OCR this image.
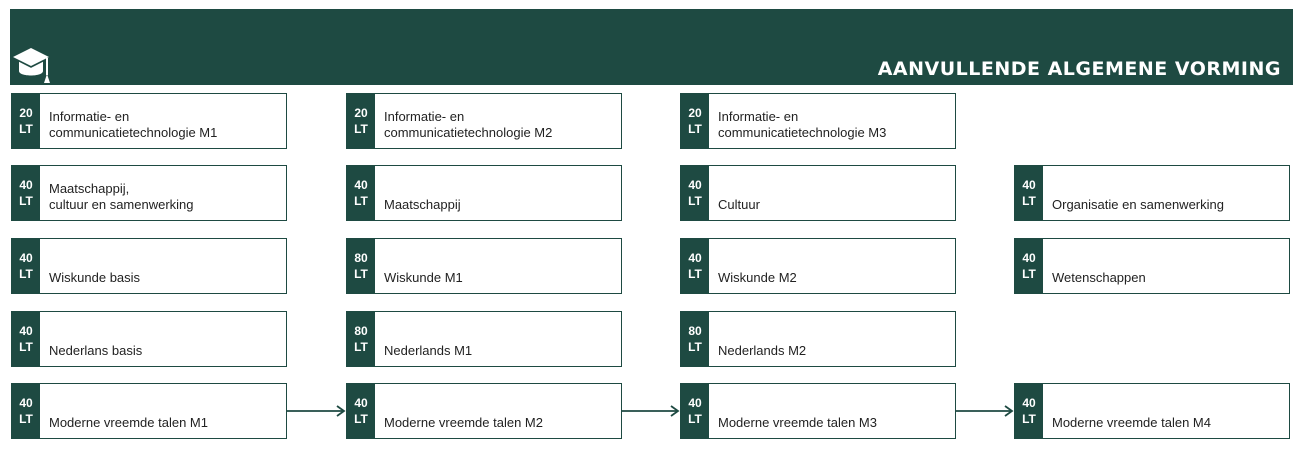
AANVULLENDE ALGEMENE VORMING
20
LT
Informatie- en
communicatietechnologie M1
20
LT
Informatie- en
communicatietechnologie M2
20
LT
Informatie- en
communicatietechnologie M3
40
LT
Maatschappij,
cultuur en samenwerking
40
LT Maatschappij
40
LT Cultuur
40
LT Organisatie en samenwerking
40
LT Wiskunde basis
80
LT Wiskunde M1
40
LT Wiskunde M2
40
LT Wetenschappen
40
LT Nederlans basis
80
LT Nederlands M1
80
LT Nederlands M2
40
LT Moderne vreemde talen M1
40
LT Moderne vreemde talen M2
40
LT Moderne vreemde talen M3
40
LT Moderne vreemde talen M4
